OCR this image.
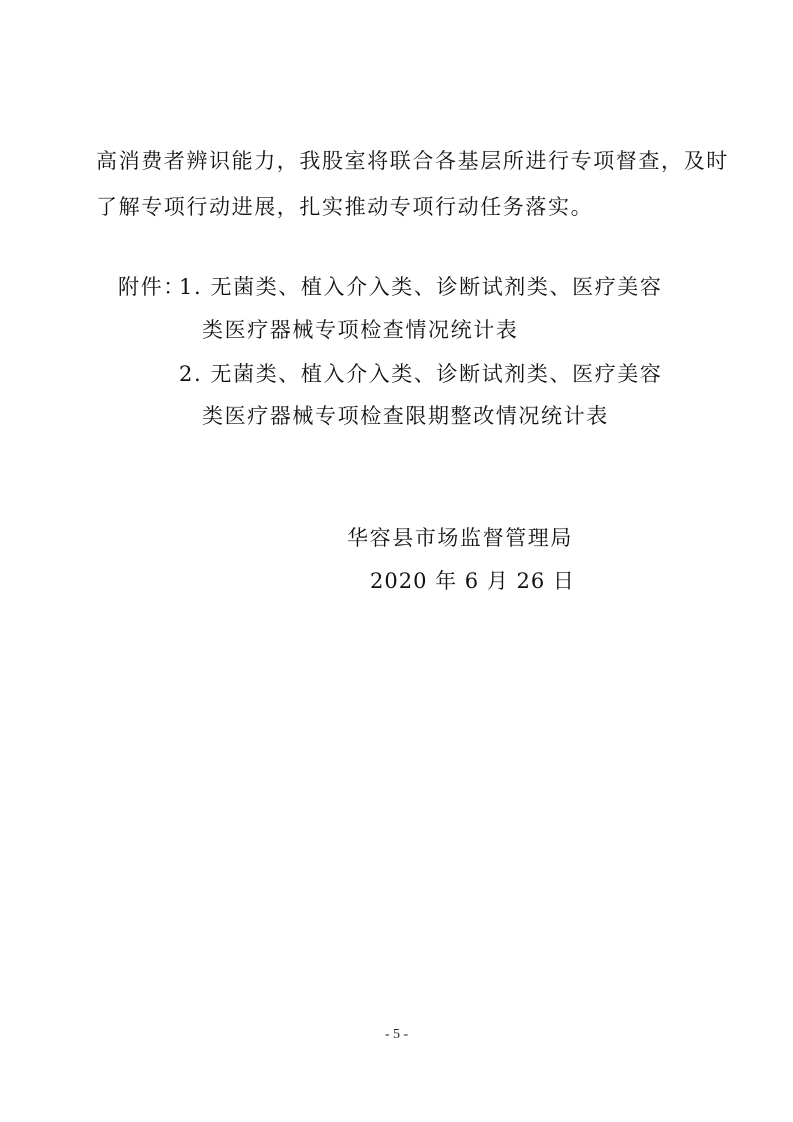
高消费者辨识能力，我股室将联合各基层所进行专项督查，及时
了解专项行动进展，扎实推动专项行动任务落实。
附件：
1. 无菌类、植入介入类、诊断试剂类、医疗美容
类医疗器械专项检查情况统计表
2. 无菌类、植入介入类、诊断试剂类、医疗美容
类医疗器械专项检查限期整改情况统计表
华容县市场监督管理局
2020 年 6 月 26 日
- 5 -
